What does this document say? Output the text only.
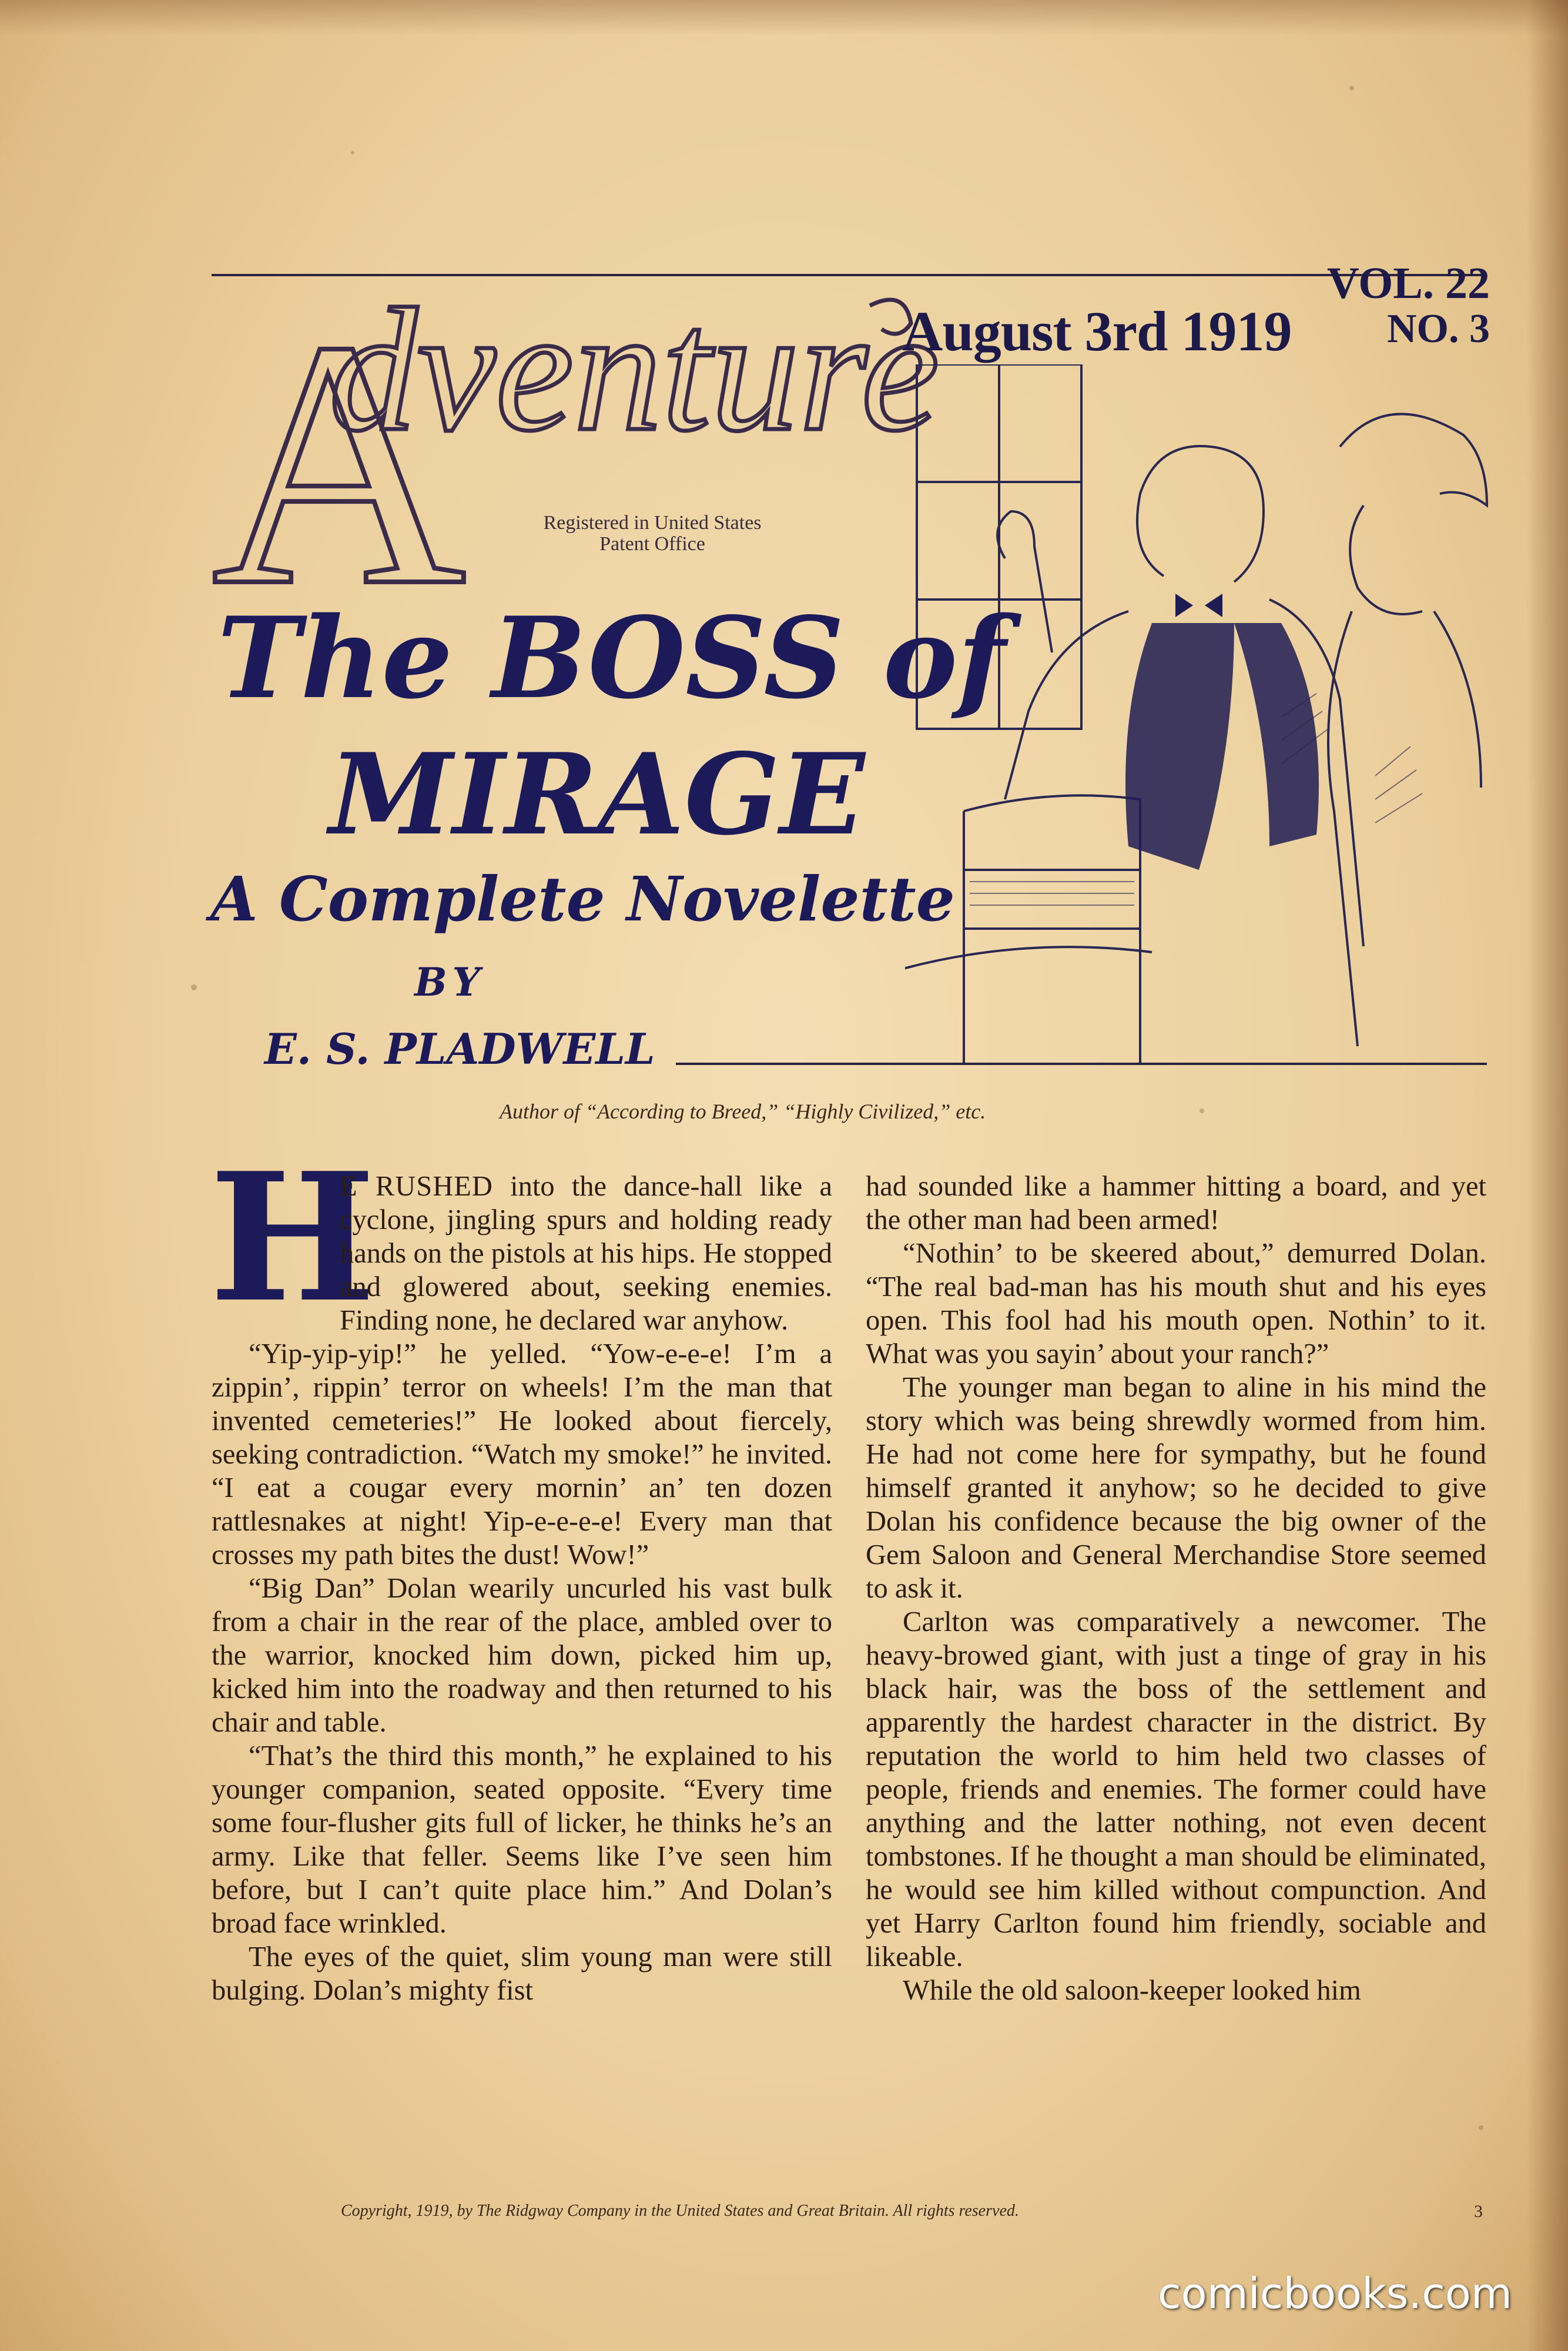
A
dventure
Registered in United States Patent Office
August 3rd 1919
VOL. 22
NO. 3
The BOSS of
MIRAGE
A Complete Novelette
BY
E. S. PLADWELL
Author of “According to Breed,” “Highly Civilized,” etc.

H
E RUSHED into the dance-hall like a cyclone, jingling spurs and holding ready hands on the pistols at his hips. He stopped and glowered about, seeking enemies. Finding none, he declared war anyhow.

“Yip-yip-yip!” he yelled. “Yow-e-e-e! I’m a zippin’, rippin’ terror on wheels! I’m the man that invented cemeteries!” He looked about fiercely, seeking contradiction. “Watch my smoke!” he invited. “I eat a cougar every mornin’ an’ ten dozen rattlesnakes at night! Yip-e-e-e-e! Every man that crosses my path bites the dust! Wow!”

“Big Dan” Dolan wearily uncurled his vast bulk from a chair in the rear of the place, ambled over to the warrior, knocked him down, picked him up, kicked him into the roadway and then returned to his chair and table.

“That’s the third this month,” he explained to his younger companion, seated opposite. “Every time some four-flusher gits full of licker, he thinks he’s an army. Like that feller. Seems like I’ve seen him before, but I can’t quite place him.” And Dolan’s broad face wrinkled.

The eyes of the quiet, slim young man were still bulging. Dolan’s mighty fist

had sounded like a hammer hitting a board, and yet the other man had been armed!

“Nothin’ to be skeered about,” demurred Dolan. “The real bad-man has his mouth shut and his eyes open. This fool had his mouth open. Nothin’ to it. What was you sayin’ about your ranch?”

The younger man began to aline in his mind the story which was being shrewdly wormed from him. He had not come here for sympathy, but he found himself granted it anyhow; so he decided to give Dolan his confidence because the big owner of the Gem Saloon and General Merchandise Store seemed to ask it.

Carlton was comparatively a newcomer. The heavy-browed giant, with just a tinge of gray in his black hair, was the boss of the settlement and apparently the hardest character in the district. By reputation the world to him held two classes of people, friends and enemies. The former could have anything and the latter nothing, not even decent tombstones. If he thought a man should be eliminated, he would see him killed without compunction. And yet Harry Carlton found him friendly, sociable and likeable.

While the old saloon-keeper looked him

Copyright, 1919, by The Ridgway Company in the United States and Great Britain. All rights reserved.	3
comicbooks.com
